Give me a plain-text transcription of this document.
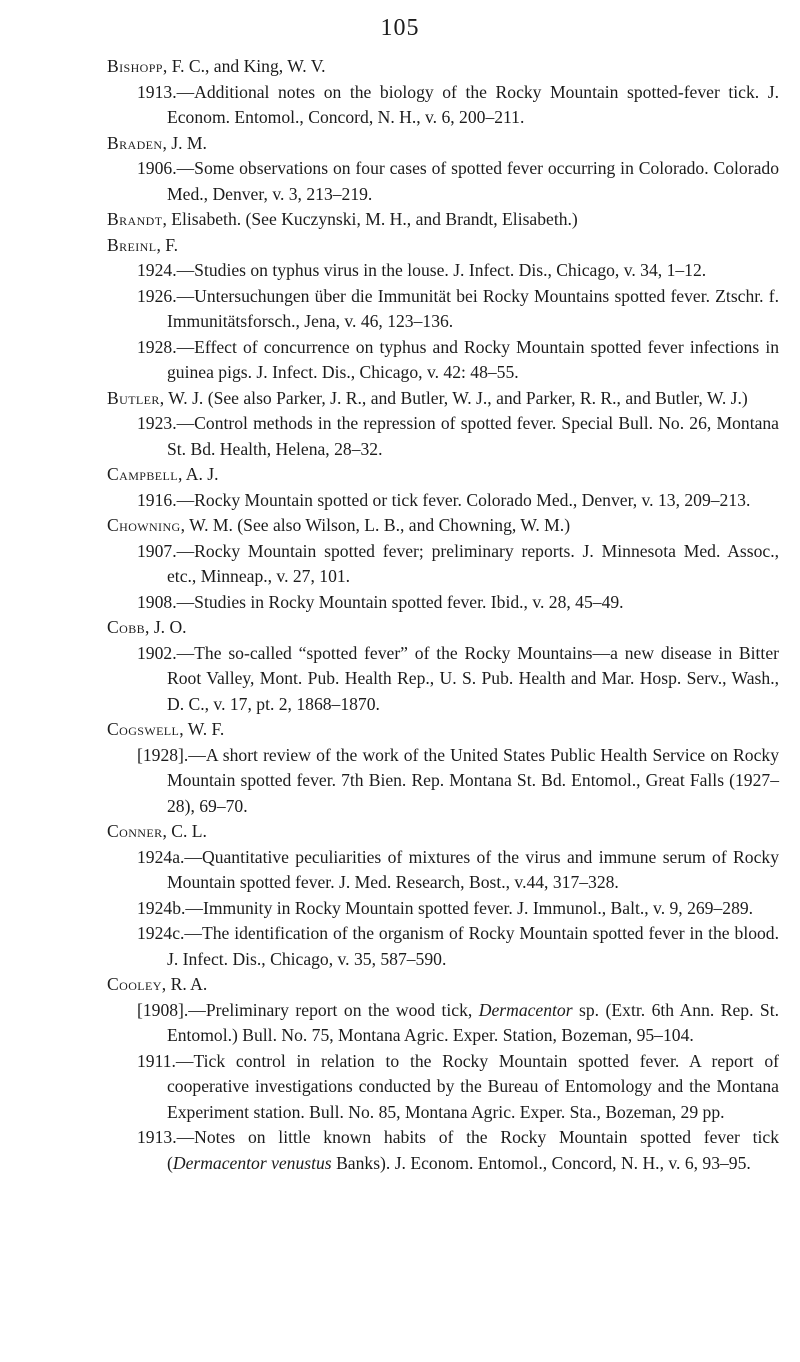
105
Bishopp, F. C., and King, W. V.
1913.—Additional notes on the biology of the Rocky Mountain spotted-fever tick. J. Econom. Entomol., Concord, N. H., v. 6, 200–211.
Braden, J. M.
1906.—Some observations on four cases of spotted fever occurring in Colorado. Colorado Med., Denver, v. 3, 213–219.
Brandt, Elisabeth. (See Kuczynski, M. H., and Brandt, Elisabeth.)
Breinl, F.
1924.—Studies on typhus virus in the louse. J. Infect. Dis., Chicago, v. 34, 1–12.
1926.—Untersuchungen über die Immunität bei Rocky Mountains spotted fever. Ztschr. f. Immunitätsforsch., Jena, v. 46, 123–136.
1928.—Effect of concurrence on typhus and Rocky Mountain spotted fever infections in guinea pigs. J. Infect. Dis., Chicago, v. 42: 48–55.
Butler, W. J. (See also Parker, J. R., and Butler, W. J., and Parker, R. R., and Butler, W. J.)
1923.—Control methods in the repression of spotted fever. Special Bull. No. 26, Montana St. Bd. Health, Helena, 28–32.
Campbell, A. J.
1916.—Rocky Mountain spotted or tick fever. Colorado Med., Denver, v. 13, 209–213.
Chowning, W. M. (See also Wilson, L. B., and Chowning, W. M.)
1907.—Rocky Mountain spotted fever; preliminary reports. J. Minnesota Med. Assoc., etc., Minneap., v. 27, 101.
1908.—Studies in Rocky Mountain spotted fever. Ibid., v. 28, 45–49.
Cobb, J. O.
1902.—The so-called “spotted fever” of the Rocky Mountains—a new disease in Bitter Root Valley, Mont. Pub. Health Rep., U. S. Pub. Health and Mar. Hosp. Serv., Wash., D. C., v. 17, pt. 2, 1868–1870.
Cogswell, W. F.
[1928].—A short review of the work of the United States Public Health Service on Rocky Mountain spotted fever. 7th Bien. Rep. Montana St. Bd. Entomol., Great Falls (1927–28), 69–70.
Conner, C. L.
1924a.—Quantitative peculiarities of mixtures of the virus and immune serum of Rocky Mountain spotted fever. J. Med. Research, Bost., v.44, 317–328.
1924b.—Immunity in Rocky Mountain spotted fever. J. Immunol., Balt., v. 9, 269–289.
1924c.—The identification of the organism of Rocky Mountain spotted fever in the blood. J. Infect. Dis., Chicago, v. 35, 587–590.
Cooley, R. A.
[1908].—Preliminary report on the wood tick, Dermacentor sp. (Extr. 6th Ann. Rep. St. Entomol.) Bull. No. 75, Montana Agric. Exper. Station, Bozeman, 95–104.
1911.—Tick control in relation to the Rocky Mountain spotted fever. A report of cooperative investigations conducted by the Bureau of Entomology and the Montana Experiment station. Bull. No. 85, Montana Agric. Exper. Sta., Bozeman, 29 pp.
1913.—Notes on little known habits of the Rocky Mountain spotted fever tick (Dermacentor venustus Banks). J. Econom. Entomol., Concord, N. H., v. 6, 93–95.
